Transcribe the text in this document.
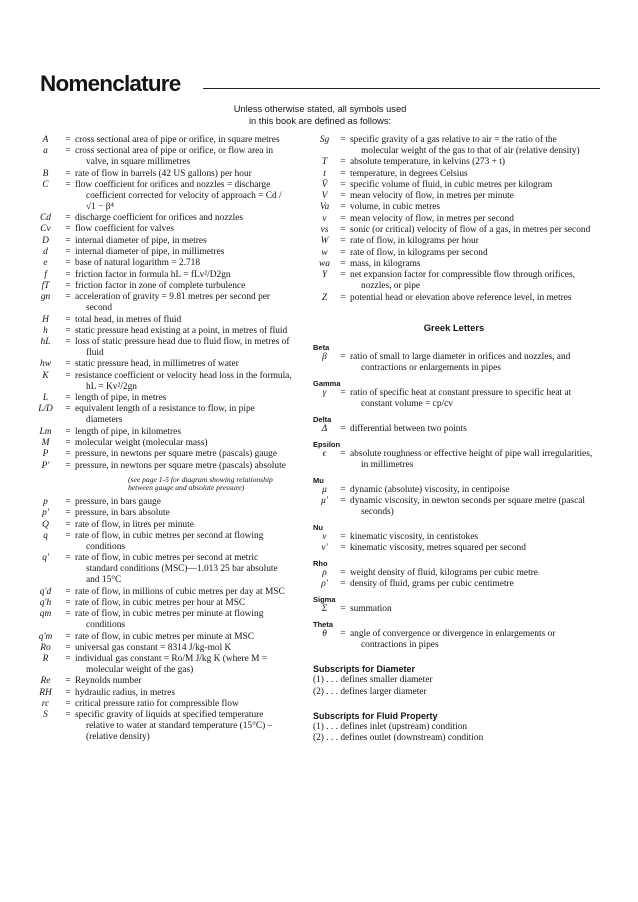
Nomenclature
Unless otherwise stated, all symbols used
in this book are defined as follows:
A	= cross sectional area of pipe or orifice, in square metres
a	= cross sectional area of pipe or orifice, or flow area in valve, in square millimetres
B	= rate of flow in barrels (42 US gallons) per hour
C	= flow coefficient for orifices and nozzles = discharge coefficient corrected for velocity of approach = Cd / √1 − β⁴
Cd	= discharge coefficient for orifices and nozzles
Cv	= flow coefficient for valves
D	= internal diameter of pipe, in metres
d	= internal diameter of pipe, in millimetres
e	= base of natural logarithm = 2.718
f	= friction factor in formula hL = fLv²/D2gn
fT	= friction factor in zone of complete turbulence
gn	= acceleration of gravity = 9.81 metres per second per second
H	= total head, in metres of fluid
h	= static pressure head existing at a point, in metres of fluid
hL	= loss of static pressure head due to fluid flow, in metres of fluid
hw	= static pressure head, in millimetres of water
K	= resistance coefficient or velocity head loss in the formula, hL = Kv²/2gn
L	= length of pipe, in metres
L/D	= equivalent length of a resistance to flow, in pipe diameters
Lm	= length of pipe, in kilometres
M	= molecular weight (molecular mass)
P	= pressure, in newtons per square metre (pascals) gauge
P'	= pressure, in newtons per square metre (pascals) absolute
(see page 1-5 for diagram showing relationship between gauge and absolute pressure)
p	= pressure, in bars gauge
p'	= pressure, in bars absolute
Q	= rate of flow, in litres per minute
q	= rate of flow, in cubic metres per second at flowing conditions
q'	= rate of flow, in cubic metres per second at metric standard conditions (MSC)—1.013 25 bar absolute and 15°C
q'd	= rate of flow, in millions of cubic metres per day at MSC
q'h	= rate of flow, in cubic metres per hour at MSC
qm	= rate of flow, in cubic metres per minute at flowing conditions
q'm	= rate of flow, in cubic metres per minute at MSC
Ro	= universal gas constant = 8314 J/kg-mol K
R	= individual gas constant = Ro/M J/kg K (where M = molecular weight of the gas)
Re	= Reynolds number
RH	= hydraulic radius, in metres
rc	= critical pressure ratio for compressible flow
S	= specific gravity of liquids at specified temperature relative to water at standard temperature (15°C) – (relative density)
Sg	= specific gravity of a gas relative to air = the ratio of the molecular weight of the gas to that of air (relative density)
T	= absolute temperature, in kelvins (273 + t)
t	= temperature, in degrees Celsius
V̄	= specific volume of fluid, in cubic metres per kilogram
V	= mean velocity of flow, in metres per minute
Va	= volume, in cubic metres
v	= mean velocity of flow, in metres per second
vs	= sonic (or critical) velocity of flow of a gas, in metres per second
W	= rate of flow, in kilograms per hour
w	= rate of flow, in kilograms per second
wa	= mass, in kilograms
Y	= net expansion factor for compressible flow through orifices, nozzles, or pipe
Z	= potential head or elevation above reference level, in metres
Greek Letters
Beta
β	= ratio of small to large diameter in orifices and nozzles, and contractions or enlargements in pipes
Gamma
γ	= ratio of specific heat at constant pressure to specific heat at constant volume = cp/cv
Delta
Δ	= differential between two points
Epsilon
ϵ	= absolute roughness or effective height of pipe wall irregularities, in millimetres
Mu
μ	= dynamic (absolute) viscosity, in centipoise
μ'	= dynamic viscosity, in newton seconds per square metre (pascal seconds)
Nu
ν	= kinematic viscosity, in centistokes
ν'	= kinematic viscosity, metres squared per second
Rho
ρ	= weight density of fluid, kilograms per cubic metre
ρ'	= density of fluid, grams per cubic centimetre
Sigma
Σ	= summation
Theta
θ	= angle of convergence or divergence in enlargements or contractions in pipes
Subscripts for Diameter
(1) . . . defines smaller diameter
(2) . . . defines larger diameter
Subscripts for Fluid Property
(1) . . . defines inlet (upstream) condition
(2) . . . defines outlet (downstream) condition
